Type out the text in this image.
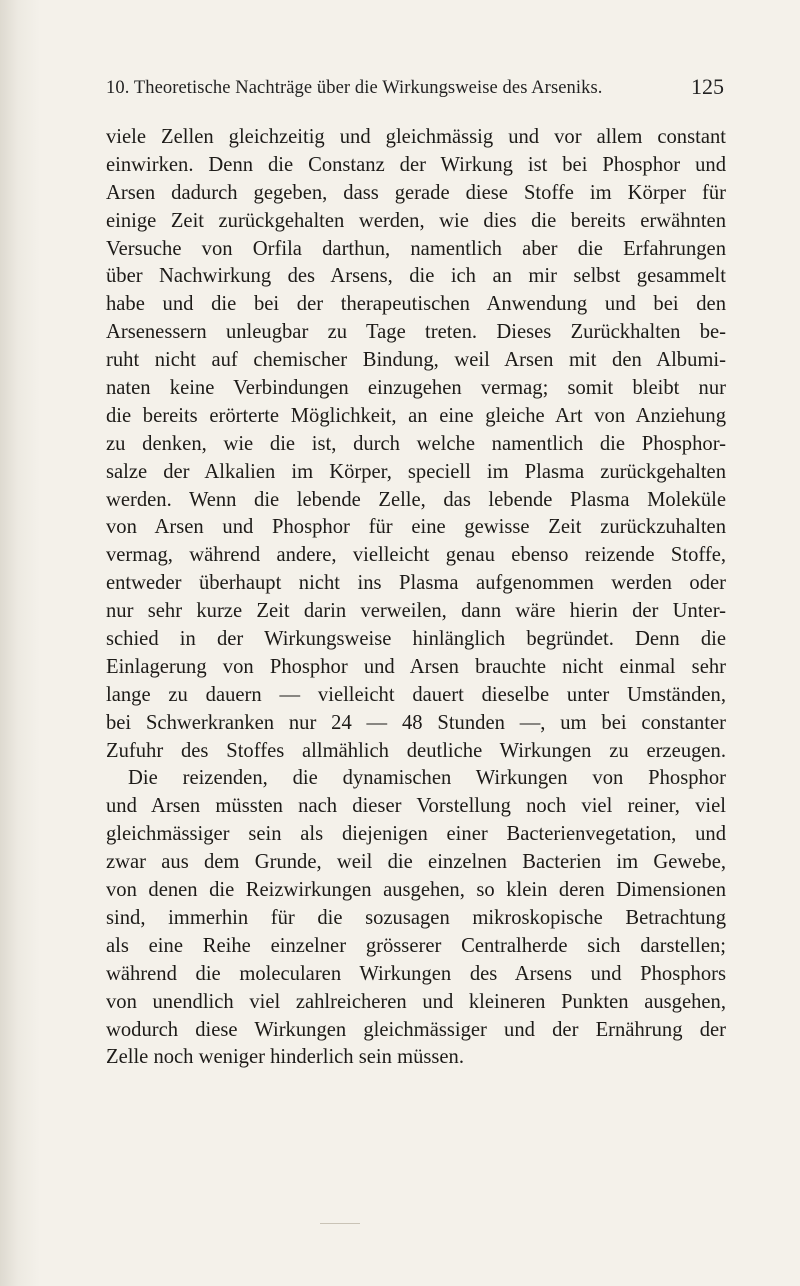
10. Theoretische Nachträge über die Wirkungsweise des Arseniks.	125
viele Zellen gleichzeitig und gleichmässig und vor allem constant
einwirken. Denn die Constanz der Wirkung ist bei Phosphor und
Arsen dadurch gegeben, dass gerade diese Stoffe im Körper für
einige Zeit zurückgehalten werden, wie dies die bereits erwähnten
Versuche von Orfila darthun, namentlich aber die Erfahrungen
über Nachwirkung des Arsens, die ich an mir selbst gesammelt
habe und die bei der therapeutischen Anwendung und bei den
Arsenessern unleugbar zu Tage treten. Dieses Zurückhalten be-
ruht nicht auf chemischer Bindung, weil Arsen mit den Albumi-
naten keine Verbindungen einzugehen vermag; somit bleibt nur
die bereits erörterte Möglichkeit, an eine gleiche Art von Anziehung
zu denken, wie die ist, durch welche namentlich die Phosphor-
salze der Alkalien im Körper, speciell im Plasma zurückgehalten
werden. Wenn die lebende Zelle, das lebende Plasma Moleküle
von Arsen und Phosphor für eine gewisse Zeit zurückzuhalten
vermag, während andere, vielleicht genau ebenso reizende Stoffe,
entweder überhaupt nicht ins Plasma aufgenommen werden oder
nur sehr kurze Zeit darin verweilen, dann wäre hierin der Unter-
schied in der Wirkungsweise hinlänglich begründet. Denn die
Einlagerung von Phosphor und Arsen brauchte nicht einmal sehr
lange zu dauern — vielleicht dauert dieselbe unter Umständen,
bei Schwerkranken nur 24 — 48 Stunden —, um bei constanter
Zufuhr des Stoffes allmählich deutliche Wirkungen zu erzeugen.
Die reizenden, die dynamischen Wirkungen von Phosphor
und Arsen müssten nach dieser Vorstellung noch viel reiner, viel
gleichmässiger sein als diejenigen einer Bacterienvegetation, und
zwar aus dem Grunde, weil die einzelnen Bacterien im Gewebe,
von denen die Reizwirkungen ausgehen, so klein deren Dimensionen
sind, immerhin für die sozusagen mikroskopische Betrachtung
als eine Reihe einzelner grösserer Centralherde sich darstellen;
während die molecularen Wirkungen des Arsens und Phosphors
von unendlich viel zahlreicheren und kleineren Punkten ausgehen,
wodurch diese Wirkungen gleichmässiger und der Ernährung der
Zelle noch weniger hinderlich sein müssen.
